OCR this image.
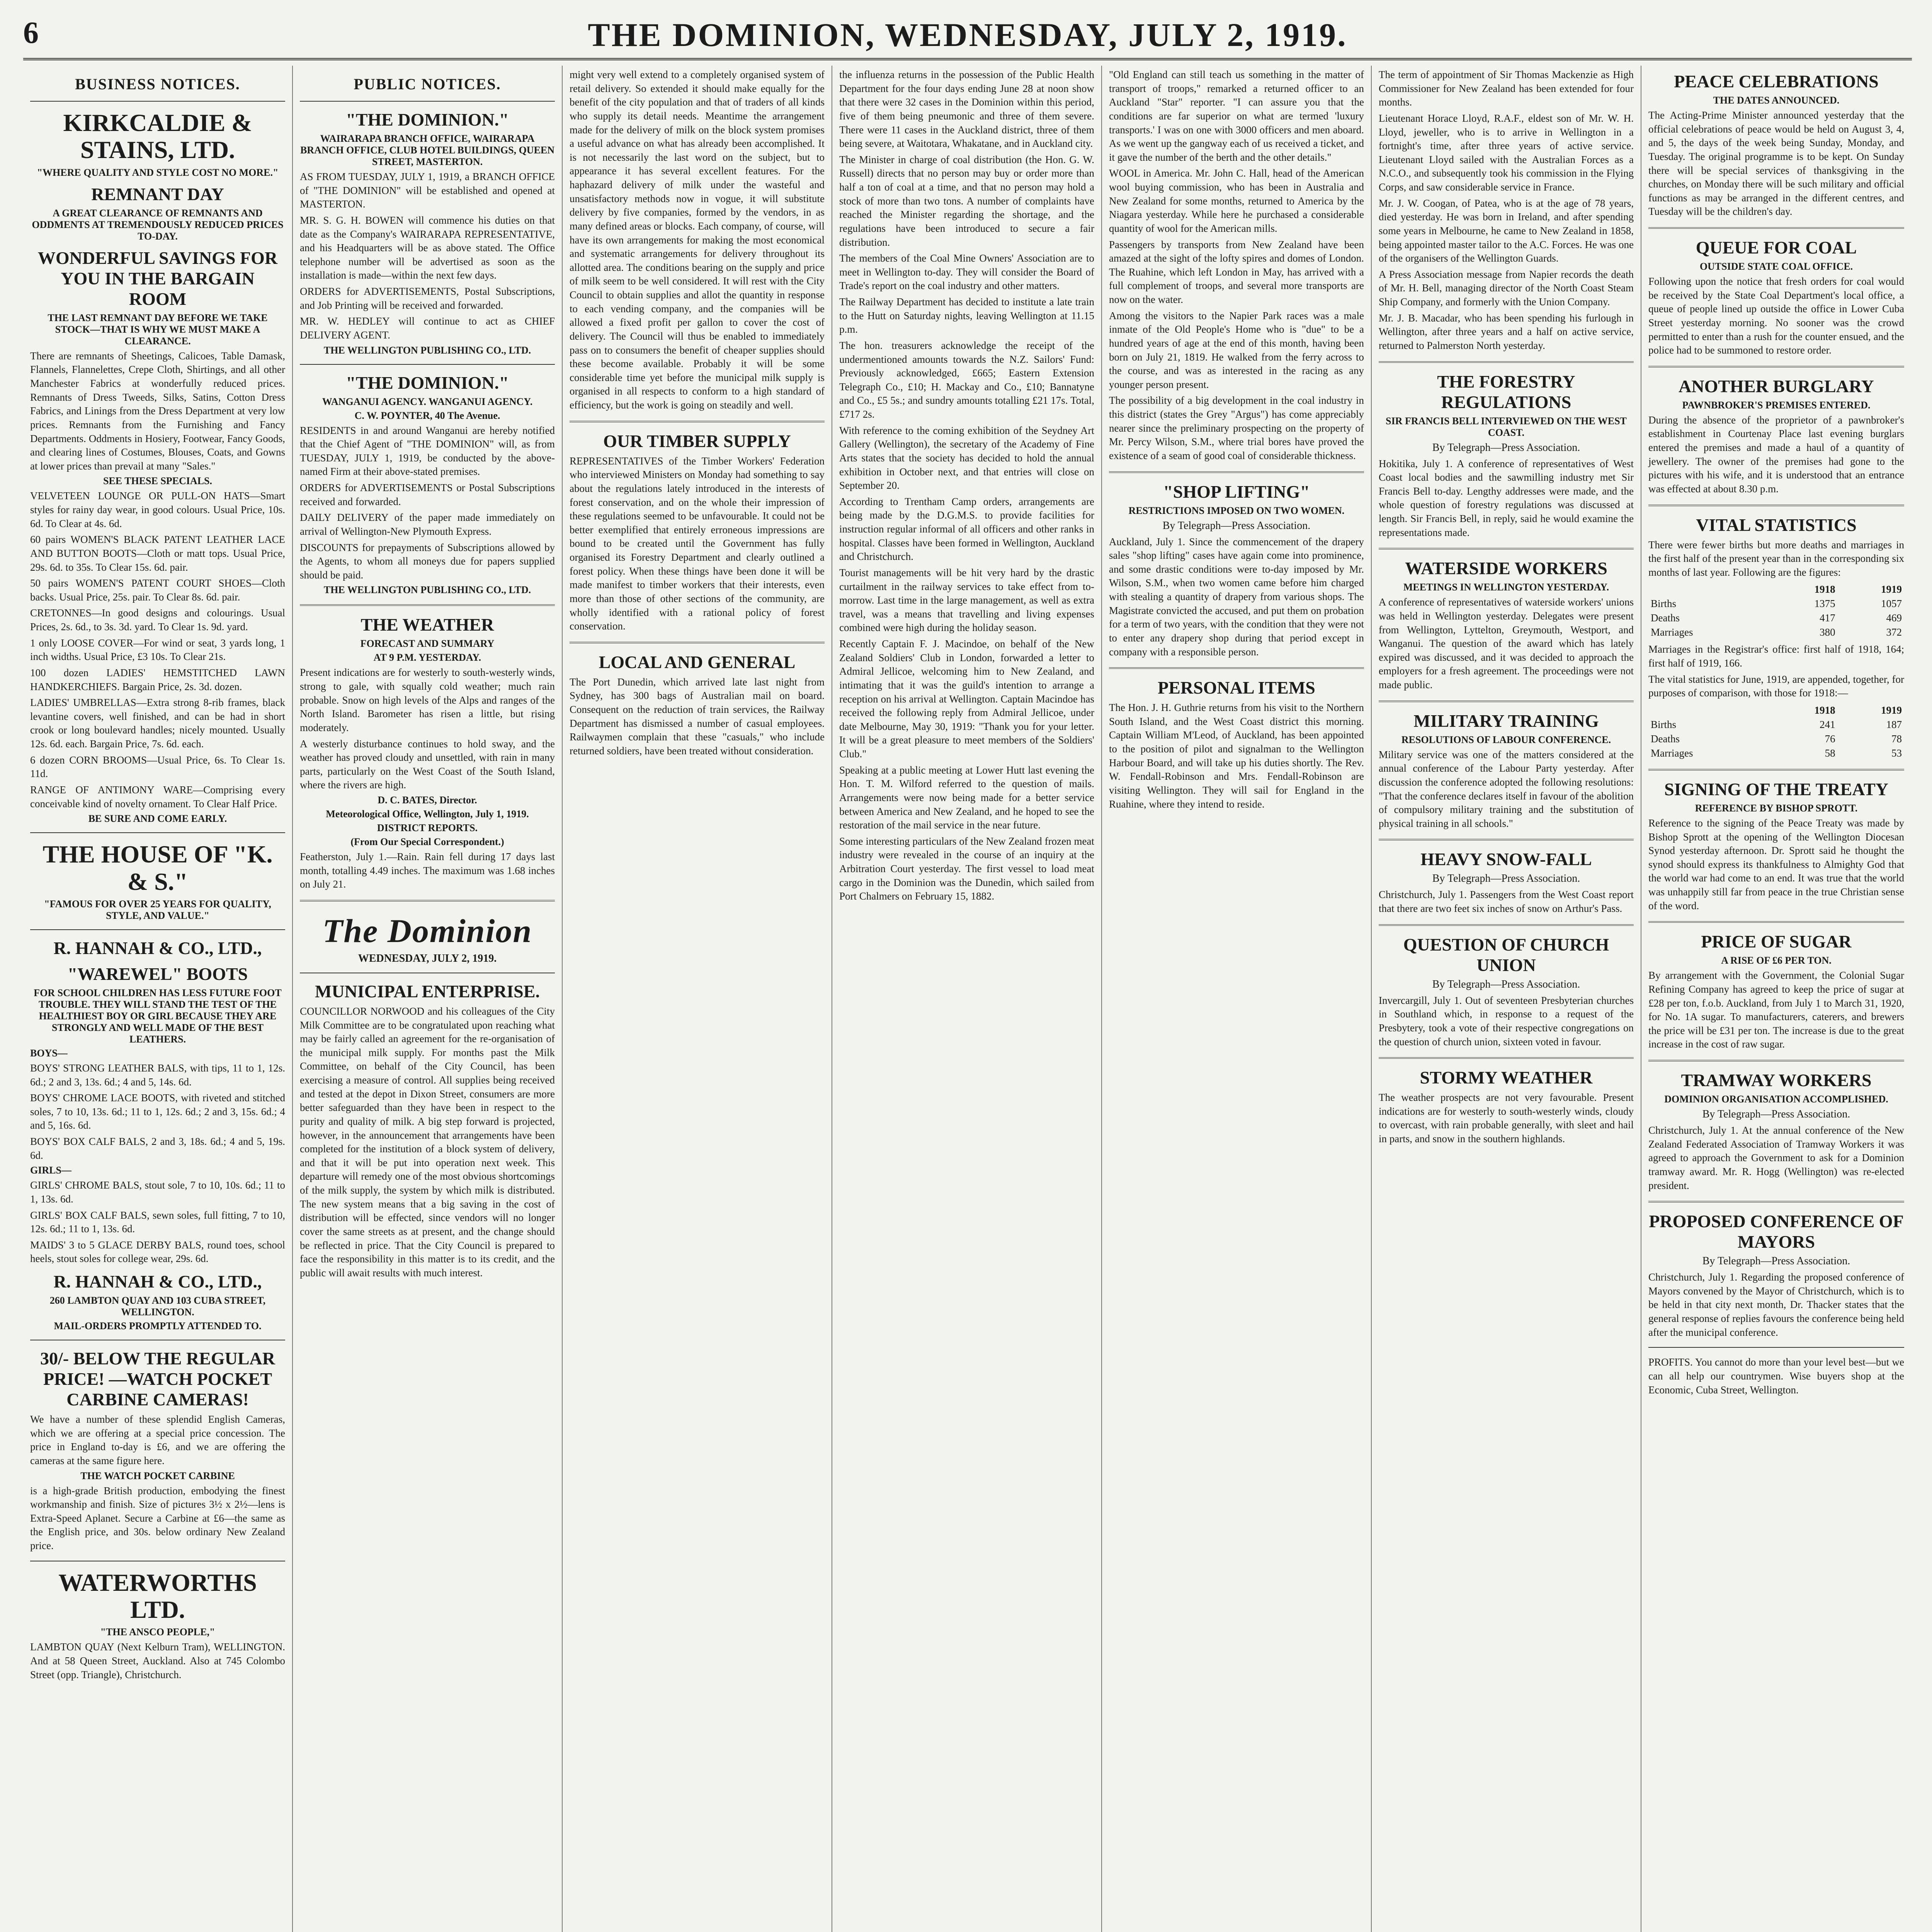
6	THE DOMINION, WEDNESDAY, JULY 2, 1919.
BUSINESS NOTICES.
KIRKCALDIE & STAINS, LTD.
"WHERE QUALITY AND STYLE COST NO MORE."
REMNANT DAY
A GREAT CLEARANCE OF REMNANTS AND ODDMENTS AT TREMENDOUSLY REDUCED PRICES TO-DAY.
WONDERFUL SAVINGS FOR YOU IN THE BARGAIN ROOM
THE LAST REMNANT DAY BEFORE WE TAKE STOCK—THAT IS WHY WE MUST MAKE A CLEARANCE.
There are remnants of Sheetings, Calicoes, Table Damask, Flannels, Flannelettes, Crepe Cloth, Shirtings, and all other Manchester Fabrics at wonderfully reduced prices. Remnants of Dress Tweeds, Silks, Satins, Cotton Dress Fabrics, and Linings from the Dress Department at very low prices. Remnants from the Furnishing and Fancy Departments. Oddments in Hosiery, Footwear, Fancy Goods, and clearing lines of Costumes, Blouses, Coats, and Gowns at lower prices than prevail at many "Sales."
SEE THESE SPECIALS.
VELVETEEN LOUNGE OR PULL-ON HATS—Smart styles for rainy day wear, in good colours. Usual Price, 10s. 6d. To Clear at 4s. 6d.
60 pairs WOMEN'S BLACK PATENT LEATHER LACE AND BUTTON BOOTS—Cloth or matt tops. Usual Price, 29s. 6d. to 35s. To Clear 15s. 6d. pair.
50 pairs WOMEN'S PATENT COURT SHOES—Cloth backs. Usual Price, 25s. pair. To Clear 8s. 6d. pair.
CRETONNES—In good designs and colourings. Usual Prices, 2s. 6d., to 3s. 3d. yard. To Clear 1s. 9d. yard.
1 only LOOSE COVER—For wind or seat, 3 yards long, 1 inch widths. Usual Price, £3 10s. To Clear 21s.
100 dozen LADIES' HEMSTITCHED LAWN HANDKERCHIEFS. Bargain Price, 2s. 3d. dozen.
LADIES' UMBRELLAS—Extra strong 8-rib frames, black levantine covers, well finished, and can be had in short crook or long boulevard handles; nicely mounted. Usually 12s. 6d. each. Bargain Price, 7s. 6d. each.
6 dozen CORN BROOMS—Usual Price, 6s. To Clear 1s. 11d.
RANGE OF ANTIMONY WARE—Comprising every conceivable kind of novelty ornament. To Clear Half Price.
BE SURE AND COME EARLY.
THE HOUSE OF "K. & S."
"FAMOUS FOR OVER 25 YEARS FOR QUALITY, STYLE, AND VALUE."
R. HANNAH & CO., LTD.,
"WAREWEL" BOOTS
FOR SCHOOL CHILDREN HAS LESS FUTURE FOOT TROUBLE. THEY WILL STAND THE TEST OF THE HEALTHIEST BOY OR GIRL BECAUSE THEY ARE STRONGLY AND WELL MADE OF THE BEST LEATHERS.
BOYS—
BOYS' STRONG LEATHER BALS, with tips, 11 to 1, 12s. 6d.; 2 and 3, 13s. 6d.; 4 and 5, 14s. 6d.
BOYS' CHROME LACE BOOTS, with riveted and stitched soles, 7 to 10, 13s. 6d.; 11 to 1, 12s. 6d.; 2 and 3, 15s. 6d.; 4 and 5, 16s. 6d.
BOYS' BOX CALF BALS, 2 and 3, 18s. 6d.; 4 and 5, 19s. 6d.
GIRLS—
GIRLS' CHROME BALS, stout sole, 7 to 10, 10s. 6d.; 11 to 1, 13s. 6d.
GIRLS' BOX CALF BALS, sewn soles, full fitting, 7 to 10, 12s. 6d.; 11 to 1, 13s. 6d.
MAIDS' 3 to 5 GLACE DERBY BALS, round toes, school heels, stout soles for college wear, 29s. 6d.
R. HANNAH & CO., LTD.,
260 LAMBTON QUAY AND 103 CUBA STREET, WELLINGTON.
MAIL-ORDERS PROMPTLY ATTENDED TO.
30/- BELOW THE REGULAR PRICE! —WATCH POCKET CARBINE CAMERAS!
We have a number of these splendid English Cameras, which we are offering at a special price concession. The price in England to-day is £6, and we are offering the cameras at the same figure here.
THE WATCH POCKET CARBINE
is a high-grade British production, embodying the finest workmanship and finish. Size of pictures 3½ x 2½—lens is Extra-Speed Aplanet. Secure a Carbine at £6—the same as the English price, and 30s. below ordinary New Zealand price.
WATERWORTHS LTD.
"THE ANSCO PEOPLE,"
LAMBTON QUAY (Next Kelburn Tram), WELLINGTON. And at 58 Queen Street, Auckland. Also at 745 Colombo Street (opp. Triangle), Christchurch.
PUBLIC NOTICES.
"THE DOMINION."
WAIRARAPA BRANCH OFFICE, WAIRARAPA BRANCH OFFICE, CLUB HOTEL BUILDINGS, QUEEN STREET, MASTERTON.
AS FROM TUESDAY, JULY 1, 1919, a BRANCH OFFICE of "THE DOMINION" will be established and opened at MASTERTON.
MR. S. G. H. BOWEN will commence his duties on that date as the Company's WAIRARAPA REPRESENTATIVE, and his Headquarters will be as above stated. The Office telephone number will be advertised as soon as the installation is made—within the next few days.
ORDERS for ADVERTISEMENTS, Postal Subscriptions, and Job Printing will be received and forwarded.
MR. W. HEDLEY will continue to act as CHIEF DELIVERY AGENT.
THE WELLINGTON PUBLISHING CO., LTD.
"THE DOMINION."
WANGANUI AGENCY. WANGANUI AGENCY.
C. W. POYNTER, 40 The Avenue.
RESIDENTS in and around Wanganui are hereby notified that the Chief Agent of "THE DOMINION" will, as from TUESDAY, JULY 1, 1919, be conducted by the above-named Firm at their above-stated premises.
ORDERS for ADVERTISEMENTS or Postal Subscriptions received and forwarded.
DAILY DELIVERY of the paper made immediately on arrival of Wellington-New Plymouth Express.
DISCOUNTS for prepayments of Subscriptions allowed by the Agents, to whom all moneys due for papers supplied should be paid.
THE WELLINGTON PUBLISHING CO., LTD.
THE WEATHER
FORECAST AND SUMMARY
AT 9 P.M. YESTERDAY.
Present indications are for westerly to south-westerly winds, strong to gale, with squally cold weather; much rain probable. Snow on high levels of the Alps and ranges of the North Island. Barometer has risen a little, but rising moderately.
A westerly disturbance continues to hold sway, and the weather has proved cloudy and unsettled, with rain in many parts, particularly on the West Coast of the South Island, where the rivers are high.
D. C. BATES, Director.
Meteorological Office, Wellington, July 1, 1919.
DISTRICT REPORTS.
(From Our Special Correspondent.)
Featherston, July 1.—Rain. Rain fell during 17 days last month, totalling 4.49 inches. The maximum was 1.68 inches on July 21.
The Dominion
WEDNESDAY, JULY 2, 1919.
MUNICIPAL ENTERPRISE.
COUNCILLOR NORWOOD and his colleagues of the City Milk Committee are to be congratulated upon reaching what may be fairly called an agreement for the re-organisation of the municipal milk supply. For months past the Milk Committee, on behalf of the City Council, has been exercising a measure of control. All supplies being received and tested at the depot in Dixon Street, consumers are more better safeguarded than they have been in respect to the purity and quality of milk. A big step forward is projected, however, in the announcement that arrangements have been completed for the institution of a block system of delivery, and that it will be put into operation next week. This departure will remedy one of the most obvious shortcomings of the milk supply, the system by which milk is distributed. The new system means that a big saving in the cost of distribution will be effected, since vendors will no longer cover the same streets as at present, and the change should be reflected in price. That the City Council is prepared to face the responsibility in this matter is to its credit, and the public will await results with much interest.
might very well extend to a completely organised system of retail delivery. So extended it should make equally for the benefit of the city population and that of traders of all kinds who supply its detail needs. Meantime the arrangement made for the delivery of milk on the block system promises a useful advance on what has already been accomplished. It is not necessarily the last word on the subject, but to appearance it has several excellent features. For the haphazard delivery of milk under the wasteful and unsatisfactory methods now in vogue, it will substitute delivery by five companies, formed by the vendors, in as many defined areas or blocks. Each company, of course, will have its own arrangements for making the most economical and systematic arrangements for delivery throughout its allotted area. The conditions bearing on the supply and price of milk seem to be well considered. It will rest with the City Council to obtain supplies and allot the quantity in response to each vending company, and the companies will be allowed a fixed profit per gallon to cover the cost of delivery. The Council will thus be enabled to immediately pass on to consumers the benefit of cheaper supplies should these become available. Probably it will be some considerable time yet before the municipal milk supply is organised in all respects to conform to a high standard of efficiency, but the work is going on steadily and well.
OUR TIMBER SUPPLY
REPRESENTATIVES of the Timber Workers' Federation who interviewed Ministers on Monday had something to say about the regulations lately introduced in the interests of forest conservation, and on the whole their impression of these regulations seemed to be unfavourable. It could not be better exemplified that entirely erroneous impressions are bound to be created until the Government has fully organised its Forestry Department and clearly outlined a forest policy. When these things have been done it will be made manifest to timber workers that their interests, even more than those of other sections of the community, are wholly identified with a rational policy of forest conservation.
LOCAL AND GENERAL
The Port Dunedin, which arrived late last night from Sydney, has 300 bags of Australian mail on board. Consequent on the reduction of train services, the Railway Department has dismissed a number of casual employees. Railwaymen complain that these "casuals," who include returned soldiers, have been treated without consideration.
the influenza returns in the possession of the Public Health Department for the four days ending June 28 at noon show that there were 32 cases in the Dominion within this period, five of them being pneumonic and three of them severe. There were 11 cases in the Auckland district, three of them being severe, at Waitotara, Whakatane, and in Auckland city.
The Minister in charge of coal distribution (the Hon. G. W. Russell) directs that no person may buy or order more than half a ton of coal at a time, and that no person may hold a stock of more than two tons. A number of complaints have reached the Minister regarding the shortage, and the regulations have been introduced to secure a fair distribution.
The members of the Coal Mine Owners' Association are to meet in Wellington to-day. They will consider the Board of Trade's report on the coal industry and other matters.
The Railway Department has decided to institute a late train to the Hutt on Saturday nights, leaving Wellington at 11.15 p.m.
The hon. treasurers acknowledge the receipt of the undermentioned amounts towards the N.Z. Sailors' Fund: Previously acknowledged, £665; Eastern Extension Telegraph Co., £10; H. Mackay and Co., £10; Bannatyne and Co., £5 5s.; and sundry amounts totalling £21 17s. Total, £717 2s.
With reference to the coming exhibition of the Seydney Art Gallery (Wellington), the secretary of the Academy of Fine Arts states that the society has decided to hold the annual exhibition in October next, and that entries will close on September 20.
According to Trentham Camp orders, arrangements are being made by the D.G.M.S. to provide facilities for instruction regular informal of all officers and other ranks in hospital. Classes have been formed in Wellington, Auckland and Christchurch.
Tourist managements will be hit very hard by the drastic curtailment in the railway services to take effect from to-morrow. Last time in the large management, as well as extra travel, was a means that travelling and living expenses combined were high during the holiday season.
Recently Captain F. J. Macindoe, on behalf of the New Zealand Soldiers' Club in London, forwarded a letter to Admiral Jellicoe, welcoming him to New Zealand, and intimating that it was the guild's intention to arrange a reception on his arrival at Wellington. Captain Macindoe has received the following reply from Admiral Jellicoe, under date Melbourne, May 30, 1919: "Thank you for your letter. It will be a great pleasure to meet members of the Soldiers' Club."
Speaking at a public meeting at Lower Hutt last evening the Hon. T. M. Wilford referred to the question of mails. Arrangements were now being made for a better service between America and New Zealand, and he hoped to see the restoration of the mail service in the near future.
Some interesting particulars of the New Zealand frozen meat industry were revealed in the course of an inquiry at the Arbitration Court yesterday. The first vessel to load meat cargo in the Dominion was the Dunedin, which sailed from Port Chalmers on February 15, 1882.
"Old England can still teach us something in the matter of transport of troops," remarked a returned officer to an Auckland "Star" reporter. "I can assure you that the conditions are far superior on what are termed 'luxury transports.' I was on one with 3000 officers and men aboard. As we went up the gangway each of us received a ticket, and it gave the number of the berth and the other details."
WOOL in America. Mr. John C. Hall, head of the American wool buying commission, who has been in Australia and New Zealand for some months, returned to America by the Niagara yesterday. While here he purchased a considerable quantity of wool for the American mills.
Passengers by transports from New Zealand have been amazed at the sight of the lofty spires and domes of London. The Ruahine, which left London in May, has arrived with a full complement of troops, and several more transports are now on the water.
Among the visitors to the Napier Park races was a male inmate of the Old People's Home who is "due" to be a hundred years of age at the end of this month, having been born on July 21, 1819. He walked from the ferry across to the course, and was as interested in the racing as any younger person present.
The possibility of a big development in the coal industry in this district (states the Grey "Argus") has come appreciably nearer since the preliminary prospecting on the property of Mr. Percy Wilson, S.M., where trial bores have proved the existence of a seam of good coal of considerable thickness.
"SHOP LIFTING"
RESTRICTIONS IMPOSED ON TWO WOMEN.
By Telegraph—Press Association.
Auckland, July 1. Since the commencement of the drapery sales "shop lifting" cases have again come into prominence, and some drastic conditions were to-day imposed by Mr. Wilson, S.M., when two women came before him charged with stealing a quantity of drapery from various shops. The Magistrate convicted the accused, and put them on probation for a term of two years, with the condition that they were not to enter any drapery shop during that period except in company with a responsible person.
PERSONAL ITEMS
The Hon. J. H. Guthrie returns from his visit to the Northern South Island, and the West Coast district this morning. Captain William M'Leod, of Auckland, has been appointed to the position of pilot and signalman to the Wellington Harbour Board, and will take up his duties shortly. The Rev. W. Fendall-Robinson and Mrs. Fendall-Robinson are visiting Wellington. They will sail for England in the Ruahine, where they intend to reside.
The term of appointment of Sir Thomas Mackenzie as High Commissioner for New Zealand has been extended for four months.
Lieutenant Horace Lloyd, R.A.F., eldest son of Mr. W. H. Lloyd, jeweller, who is to arrive in Wellington in a fortnight's time, after three years of active service. Lieutenant Lloyd sailed with the Australian Forces as a N.C.O., and subsequently took his commission in the Flying Corps, and saw considerable service in France.
Mr. J. W. Coogan, of Patea, who is at the age of 78 years, died yesterday. He was born in Ireland, and after spending some years in Melbourne, he came to New Zealand in 1858, being appointed master tailor to the A.C. Forces. He was one of the organisers of the Wellington Guards.
A Press Association message from Napier records the death of Mr. H. Bell, managing director of the North Coast Steam Ship Company, and formerly with the Union Company.
Mr. J. B. Macadar, who has been spending his furlough in Wellington, after three years and a half on active service, returned to Palmerston North yesterday.
THE FORESTRY REGULATIONS
SIR FRANCIS BELL INTERVIEWED ON THE WEST COAST.
By Telegraph—Press Association.
Hokitika, July 1. A conference of representatives of West Coast local bodies and the sawmilling industry met Sir Francis Bell to-day. Lengthy addresses were made, and the whole question of forestry regulations was discussed at length. Sir Francis Bell, in reply, said he would examine the representations made.
WATERSIDE WORKERS
MEETINGS IN WELLINGTON YESTERDAY.
A conference of representatives of waterside workers' unions was held in Wellington yesterday. Delegates were present from Wellington, Lyttelton, Greymouth, Westport, and Wanganui. The question of the award which has lately expired was discussed, and it was decided to approach the employers for a fresh agreement. The proceedings were not made public.
MILITARY TRAINING
RESOLUTIONS OF LABOUR CONFERENCE.
Military service was one of the matters considered at the annual conference of the Labour Party yesterday. After discussion the conference adopted the following resolutions: "That the conference declares itself in favour of the abolition of compulsory military training and the substitution of physical training in all schools."
HEAVY SNOW-FALL
By Telegraph—Press Association.
Christchurch, July 1. Passengers from the West Coast report that there are two feet six inches of snow on Arthur's Pass.
QUESTION OF CHURCH UNION
By Telegraph—Press Association.
Invercargill, July 1. Out of seventeen Presbyterian churches in Southland which, in response to a request of the Presbytery, took a vote of their respective congregations on the question of church union, sixteen voted in favour.
STORMY WEATHER
The weather prospects are not very favourable. Present indications are for westerly to south-westerly winds, cloudy to overcast, with rain probable generally, with sleet and hail in parts, and snow in the southern highlands.
PEACE CELEBRATIONS
THE DATES ANNOUNCED.
The Acting-Prime Minister announced yesterday that the official celebrations of peace would be held on August 3, 4, and 5, the days of the week being Sunday, Monday, and Tuesday. The original programme is to be kept. On Sunday there will be special services of thanksgiving in the churches, on Monday there will be such military and official functions as may be arranged in the different centres, and Tuesday will be the children's day.
QUEUE FOR COAL
OUTSIDE STATE COAL OFFICE.
Following upon the notice that fresh orders for coal would be received by the State Coal Department's local office, a queue of people lined up outside the office in Lower Cuba Street yesterday morning. No sooner was the crowd permitted to enter than a rush for the counter ensued, and the police had to be summoned to restore order.
ANOTHER BURGLARY
PAWNBROKER'S PREMISES ENTERED.
During the absence of the proprietor of a pawnbroker's establishment in Courtenay Place last evening burglars entered the premises and made a haul of a quantity of jewellery. The owner of the premises had gone to the pictures with his wife, and it is understood that an entrance was effected at about 8.30 p.m.
VITAL STATISTICS
There were fewer births but more deaths and marriages in the first half of the present year than in the corresponding six months of last year. Following are the figures:
	1918	1919
Births	1375	1057
Deaths	417	469
Marriages	380	372
Marriages in the Registrar's office: first half of 1918, 164; first half of 1919, 166.
The vital statistics for June, 1919, are appended, together, for purposes of comparison, with those for 1918:—
	1918	1919
Births	241	187
Deaths	76	78
Marriages	58	53
SIGNING OF THE TREATY
REFERENCE BY BISHOP SPROTT.
Reference to the signing of the Peace Treaty was made by Bishop Sprott at the opening of the Wellington Diocesan Synod yesterday afternoon. Dr. Sprott said he thought the synod should express its thankfulness to Almighty God that the world war had come to an end. It was true that the world was unhappily still far from peace in the true Christian sense of the word.
PRICE OF SUGAR
A RISE OF £6 PER TON.
By arrangement with the Government, the Colonial Sugar Refining Company has agreed to keep the price of sugar at £28 per ton, f.o.b. Auckland, from July 1 to March 31, 1920, for No. 1A sugar. To manufacturers, caterers, and brewers the price will be £31 per ton. The increase is due to the great increase in the cost of raw sugar.
TRAMWAY WORKERS
DOMINION ORGANISATION ACCOMPLISHED.
By Telegraph—Press Association.
Christchurch, July 1. At the annual conference of the New Zealand Federated Association of Tramway Workers it was agreed to approach the Government to ask for a Dominion tramway award. Mr. R. Hogg (Wellington) was re-elected president.
PROPOSED CONFERENCE OF MAYORS
By Telegraph—Press Association.
Christchurch, July 1. Regarding the proposed conference of Mayors convened by the Mayor of Christchurch, which is to be held in that city next month, Dr. Thacker states that the general response of replies favours the conference being held after the municipal conference.
PROFITS. You cannot do more than your level best—but we can all help our countrymen. Wise buyers shop at the Economic, Cuba Street, Wellington.
